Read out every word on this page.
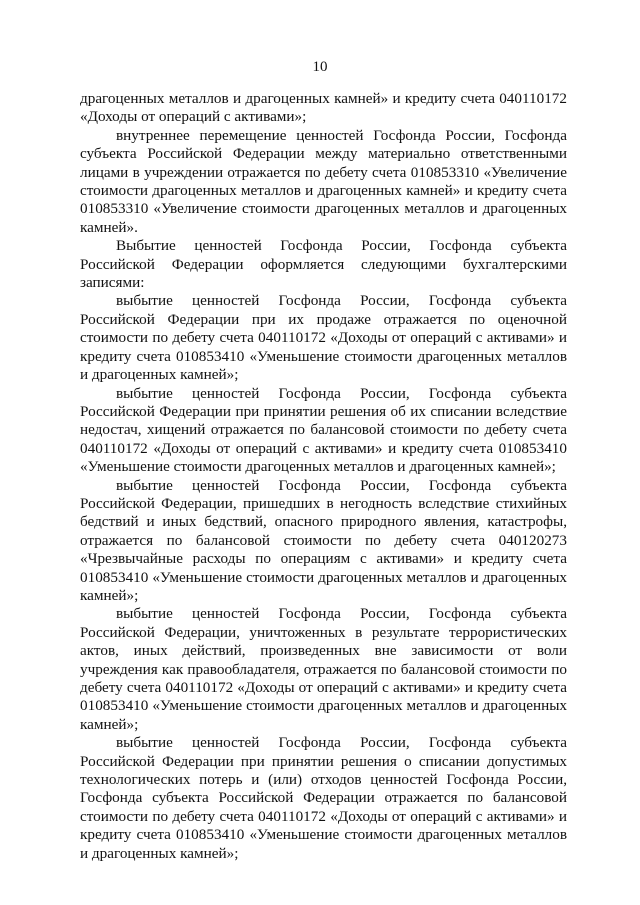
10

драгоценных металлов и драгоценных камней» и кредиту счета 040110172 «Доходы от операций с активами»;

внутреннее перемещение ценностей Госфонда России, Госфонда субъекта Российской Федерации между материально ответственными лицами в учреждении отражается по дебету счета 010853310 «Увеличение стоимости драгоценных металлов и драгоценных камней» и кредиту счета 010853310 «Увеличение стоимости драгоценных металлов и драгоценных камней».

Выбытие ценностей Госфонда России, Госфонда субъекта Российской Федерации оформляется следующими бухгалтерскими записями:

выбытие ценностей Госфонда России, Госфонда субъекта Российской Федерации при их продаже отражается по оценочной стоимости по дебету счета 040110172 «Доходы от операций с активами» и кредиту счета 010853410 «Уменьшение стоимости драгоценных металлов и драгоценных камней»;

выбытие ценностей Госфонда России, Госфонда субъекта Российской Федерации при принятии решения об их списании вследствие недостач, хищений отражается по балансовой стоимости по дебету счета 040110172 «Доходы от операций с активами» и кредиту счета 010853410 «Уменьшение стоимости драгоценных металлов и драгоценных камней»;

выбытие ценностей Госфонда России, Госфонда субъекта Российской Федерации, пришедших в негодность вследствие стихийных бедствий и иных бедствий, опасного природного явления, катастрофы, отражается по балансовой стоимости по дебету счета 040120273 «Чрезвычайные расходы по операциям с активами» и кредиту счета 010853410 «Уменьшение стоимости драгоценных металлов и драгоценных камней»;

выбытие ценностей Госфонда России, Госфонда субъекта Российской Федерации, уничтоженных в результате террористических актов, иных действий, произведенных вне зависимости от воли учреждения как правообладателя, отражается по балансовой стоимости по дебету счета 040110172 «Доходы от операций с активами» и кредиту счета 010853410 «Уменьшение стоимости драгоценных металлов и драгоценных камней»;

выбытие ценностей Госфонда России, Госфонда субъекта Российской Федерации при принятии решения о списании допустимых технологических потерь и (или) отходов ценностей Госфонда России, Госфонда субъекта Российской Федерации отражается по балансовой стоимости по дебету счета 040110172 «Доходы от операций с активами» и кредиту счета 010853410 «Уменьшение стоимости драгоценных металлов и драгоценных камней»;
